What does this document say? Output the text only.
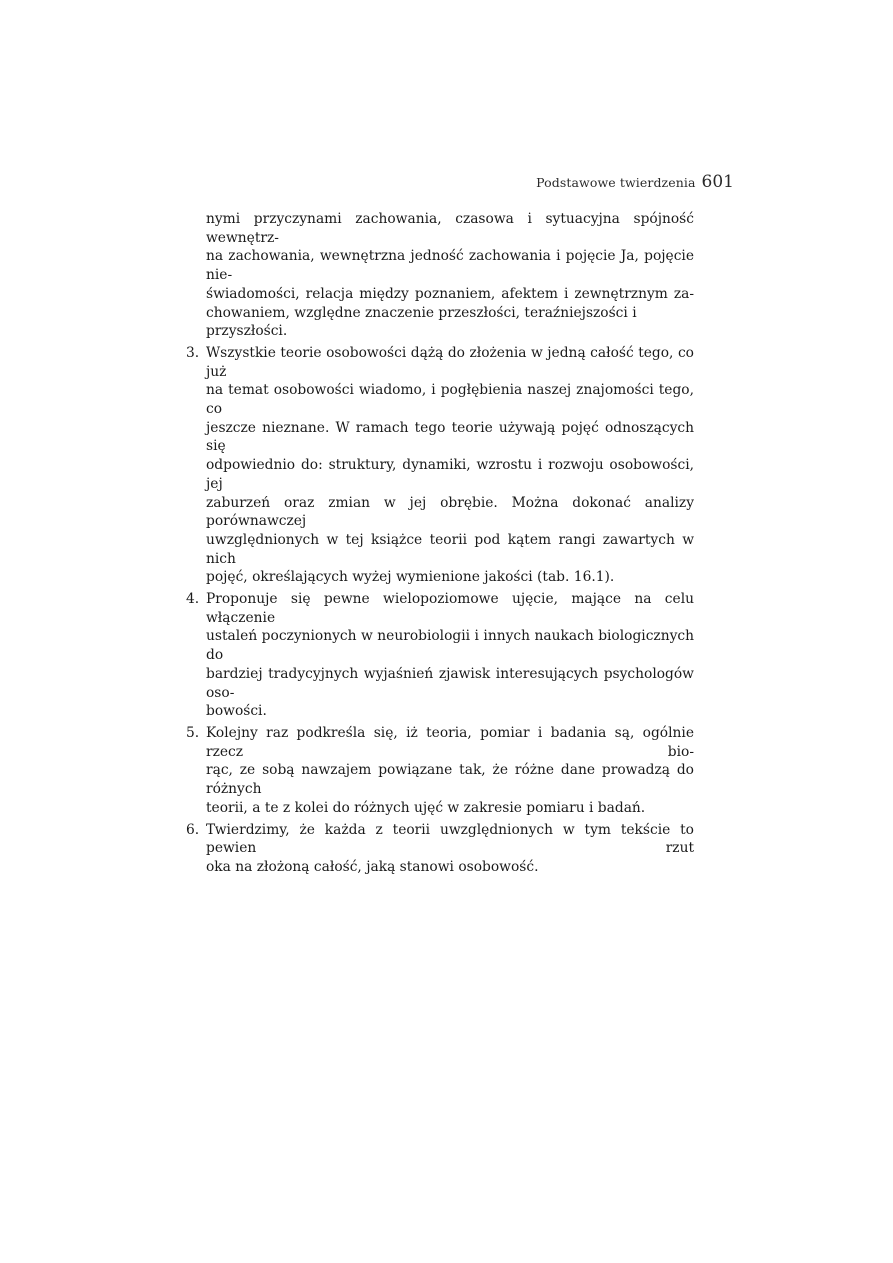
Podstawowe twierdzenia 601
nymi przyczynami zachowania, czasowa i sytuacyjna spójność wewnętrz-
na zachowania, wewnętrzna jedność zachowania i pojęcie Ja, pojęcie nie-
świadomości, relacja między poznaniem, afektem i zewnętrznym za-
chowaniem, względne znaczenie przeszłości, teraźniejszości i przyszłości.
3. Wszystkie teorie osobowości dążą do złożenia w jedną całość tego, co już
na temat osobowości wiadomo, i pogłębienia naszej znajomości tego, co
jeszcze nieznane. W ramach tego teorie używają pojęć odnoszących się
odpowiednio do: struktury, dynamiki, wzrostu i rozwoju osobowości, jej
zaburzeń oraz zmian w jej obrębie. Można dokonać analizy porównawczej
uwzględnionych w tej książce teorii pod kątem rangi zawartych w nich
pojęć, określających wyżej wymienione jakości (tab. 16.1).
4. Proponuje się pewne wielopoziomowe ujęcie, mające na celu włączenie
ustaleń poczynionych w neurobiologii i innych naukach biologicznych do
bardziej tradycyjnych wyjaśnień zjawisk interesujących psychologów oso-
bowości.
5. Kolejny raz podkreśla się, iż teoria, pomiar i badania są, ogólnie rzecz bio-
rąc, ze sobą nawzajem powiązane tak, że różne dane prowadzą do różnych
teorii, a te z kolei do różnych ujęć w zakresie pomiaru i badań.
6. Twierdzimy, że każda z teorii uwzględnionych w tym tekście to pewien rzut
oka na złożoną całość, jaką stanowi osobowość.
